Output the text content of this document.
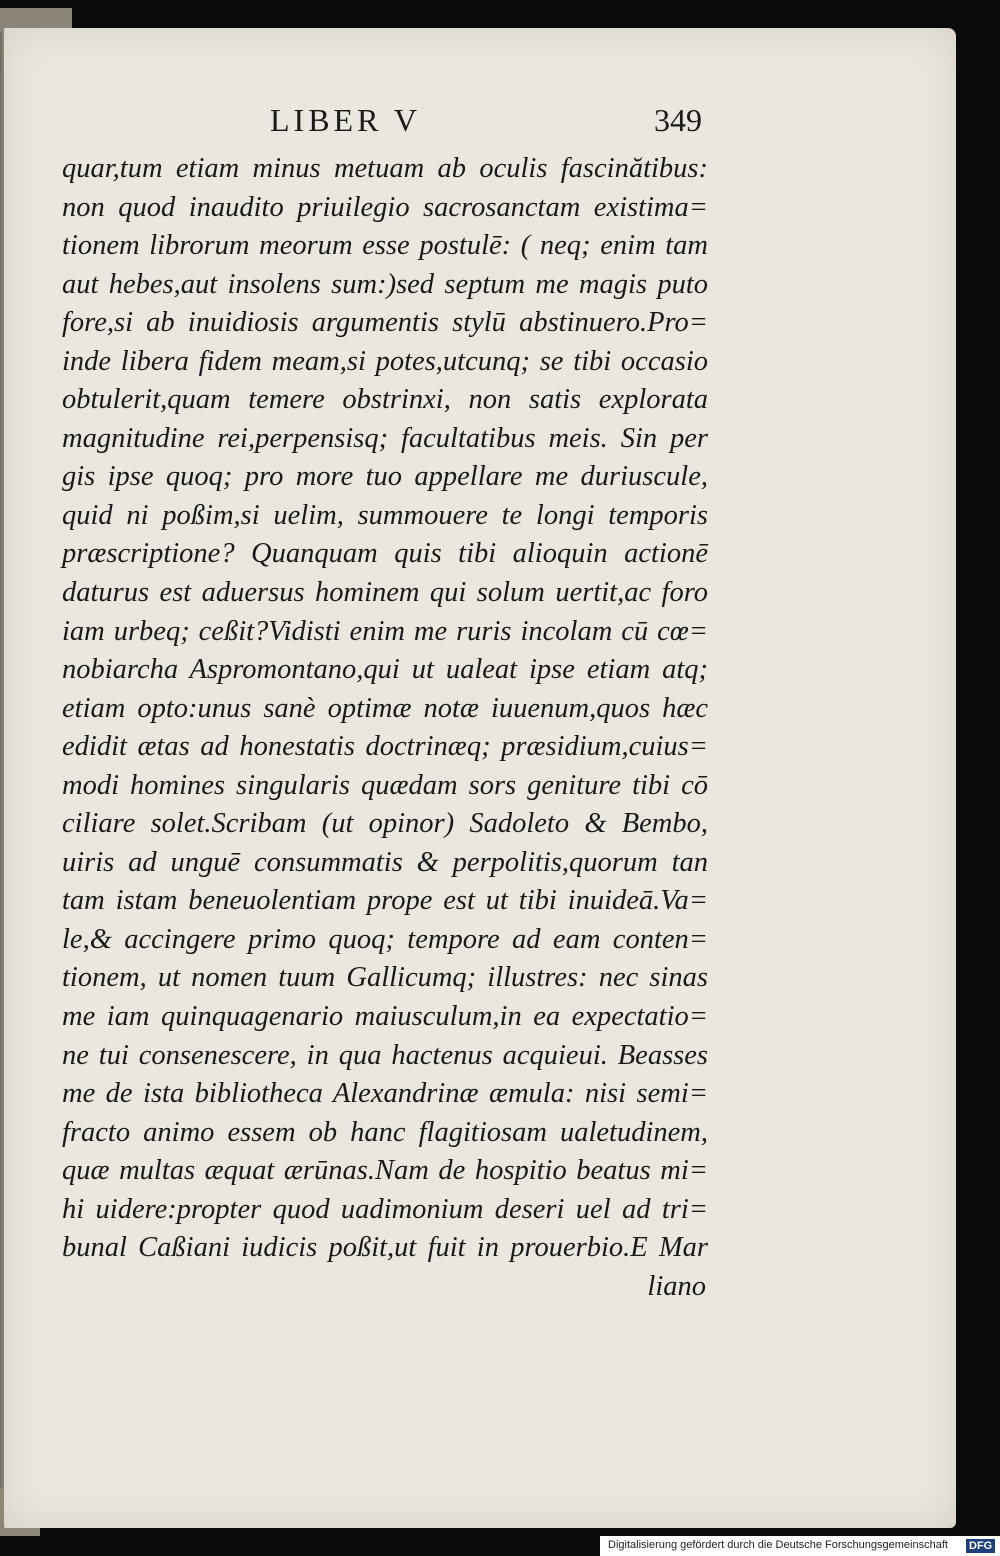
LIBER V	349
quar,tum etiam minus metuam ab oculis fascinătibus:
non quod inaudito priuilegio sacrosanctam existima=
tionem librorum meorum esse postulē: ( neq; enim tam
aut hebes,aut insolens sum:)sed septum me magis puto
fore,si ab inuidiosis argumentis stylū abstinuero.Pro=
inde libera fidem meam,si potes,utcunq; se tibi occasio
obtulerit,quam temere obstrinxi, non satis explorata
magnitudine rei,perpensisq; facultatibus meis. Sin per
gis ipse quoq; pro more tuo appellare me duriuscule,
quid ni poßim,si uelim, summouere te longi temporis
præscriptione? Quanquam quis tibi alioquin actionē
daturus est aduersus hominem qui solum uertit,ac foro
iam urbeq; ceßit?Vidisti enim me ruris incolam cū cœ=
nobiarcha Aspromontano,qui ut ualeat ipse etiam atq;
etiam opto:unus sanè optimæ notæ iuuenum,quos hæc
edidit ætas ad honestatis doctrinæq; præsidium,cuius=
modi homines singularis quædam sors geniture tibi cō
ciliare solet.Scribam (ut opinor) Sadoleto & Bembo,
uiris ad unguē consummatis & perpolitis,quorum tan
tam istam beneuolentiam prope est ut tibi inuideā.Va=
le,& accingere primo quoq; tempore ad eam conten=
tionem, ut nomen tuum Gallicumq; illustres: nec sinas
me iam quinquagenario maiusculum,in ea expectatio=
ne tui consenescere, in qua hactenus acquieui. Beasses
me de ista bibliotheca Alexandrinæ æmula: nisi semi=
fracto animo essem ob hanc flagitiosam ualetudinem,
quæ multas æquat ærūnas.Nam de hospitio beatus mi=
hi uidere:propter quod uadimonium deseri uel ad tri=
bunal Caßiani iudicis poßit,ut fuit in prouerbio.E Mar
liano
Digitalisierung gefördert durch die Deutsche Forschungsgemeinschaft DFG
